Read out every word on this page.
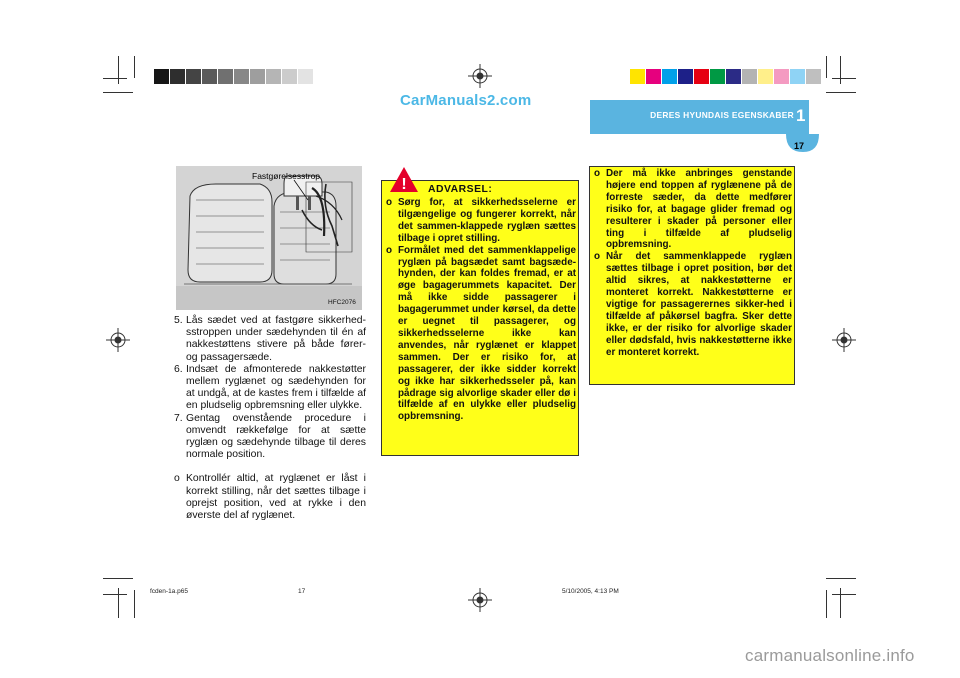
CarManuals2.com
DERES HYUNDAIS EGENSKABER 1
17
Fastgørelsesstrop
HFC2076
5. Lås sædet ved at fastgøre sikkerhed-sstroppen under sædehynden til én af nakkestøttens stivere på både fører- og passagersæde.
6. Indsæt de afmonterede nakkestøtter mellem ryglænet og sædehynden for at undgå, at de kastes frem i tilfælde af en pludselig opbremsning eller ulykke.
7. Gentag ovenstående procedure i omvendt rækkefølge for at sætte ryglæn og sædehynde tilbage til deres normale position.
o Kontrollér altid, at ryglænet er låst i korrekt stilling, når det sættes tilbage i oprejst position, ved at rykke i den øverste del af ryglænet.
! ADVARSEL:
o Sørg for, at sikkerhedsselerne er tilgængelige og fungerer korrekt, når det sammen-klappede ryglæn sættes tilbage i opret stilling.
o Formålet med det sammenklappelige ryglæn på bagsædet samt bagsæde-hynden, der kan foldes fremad, er at øge bagagerummets kapacitet. Der må ikke sidde passagerer i bagagerummet under kørsel, da dette er uegnet til passagerer, og sikkerhedsselerne ikke kan anvendes, når ryglænet er klappet sammen. Der er risiko for, at passagerer, der ikke sidder korrekt og ikke har sikkerhedsseler på, kan pådrage sig alvorlige skader eller dø i tilfælde af en ulykke eller pludselig opbremsning.
o Der må ikke anbringes genstande højere end toppen af ryglænene på de forreste sæder, da dette medfører risiko for, at bagage glider fremad og resulterer i skader på personer eller ting i tilfælde af pludselig opbremsning.
o Når det sammenklappede ryglæn sættes tilbage i opret position, bør det altid sikres, at nakkestøtterne er monteret korrekt. Nakkestøtterne er vigtige for passagerernes sikker-hed i tilfælde af påkørsel bagfra. Sker dette ikke, er der risiko for alvorlige skader eller dødsfald, hvis nakkestøtterne ikke er monteret korrekt.
fcden-1a.p65	17	5/10/2005, 4:13 PM
carmanualsonline.info
